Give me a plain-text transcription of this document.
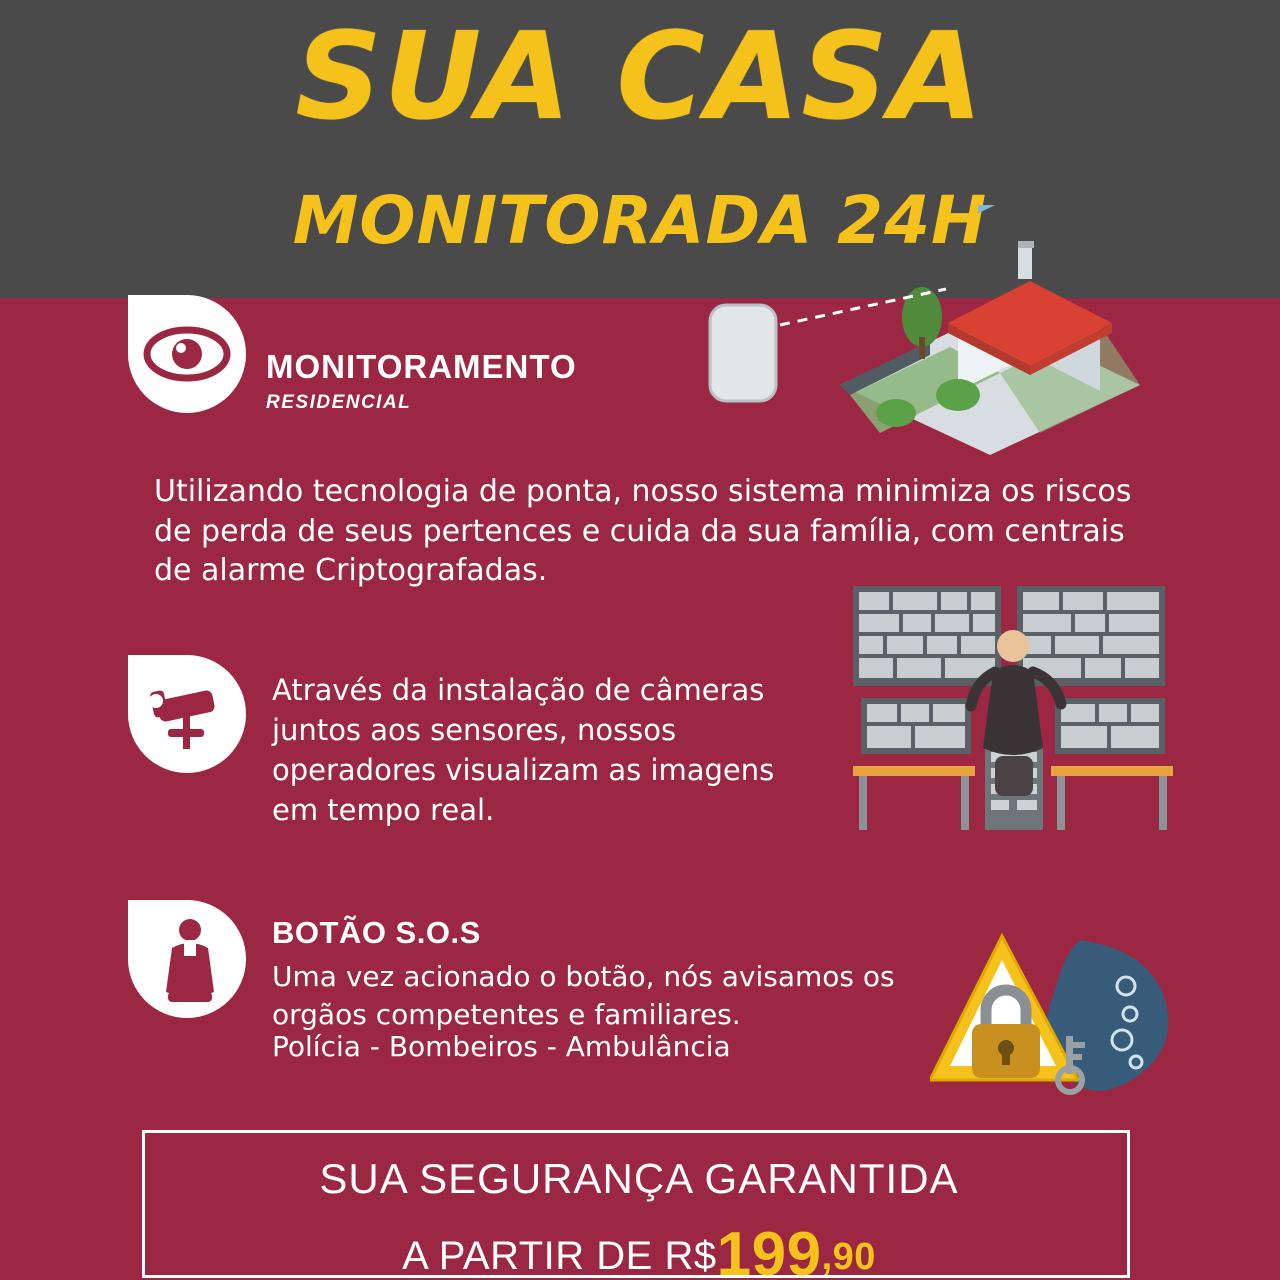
SUA CASA
MONITORADA 24H
MONITORAMENTO
RESIDENCIAL
Utilizando tecnologia de ponta, nosso sistema minimiza os riscos de perda de seus pertences e cuida da sua família, com centrais de alarme Criptografadas.
Através da instalação de câmeras juntos aos sensores, nossos operadores visualizam as imagens em tempo real.
BOTÃO S.O.S
Uma vez acionado o botão, nós avisamos os orgãos competentes e familiares.
Polícia - Bombeiros - Ambulância
SUA SEGURANÇA GARANTIDA
A PARTIR DE R$199,90
